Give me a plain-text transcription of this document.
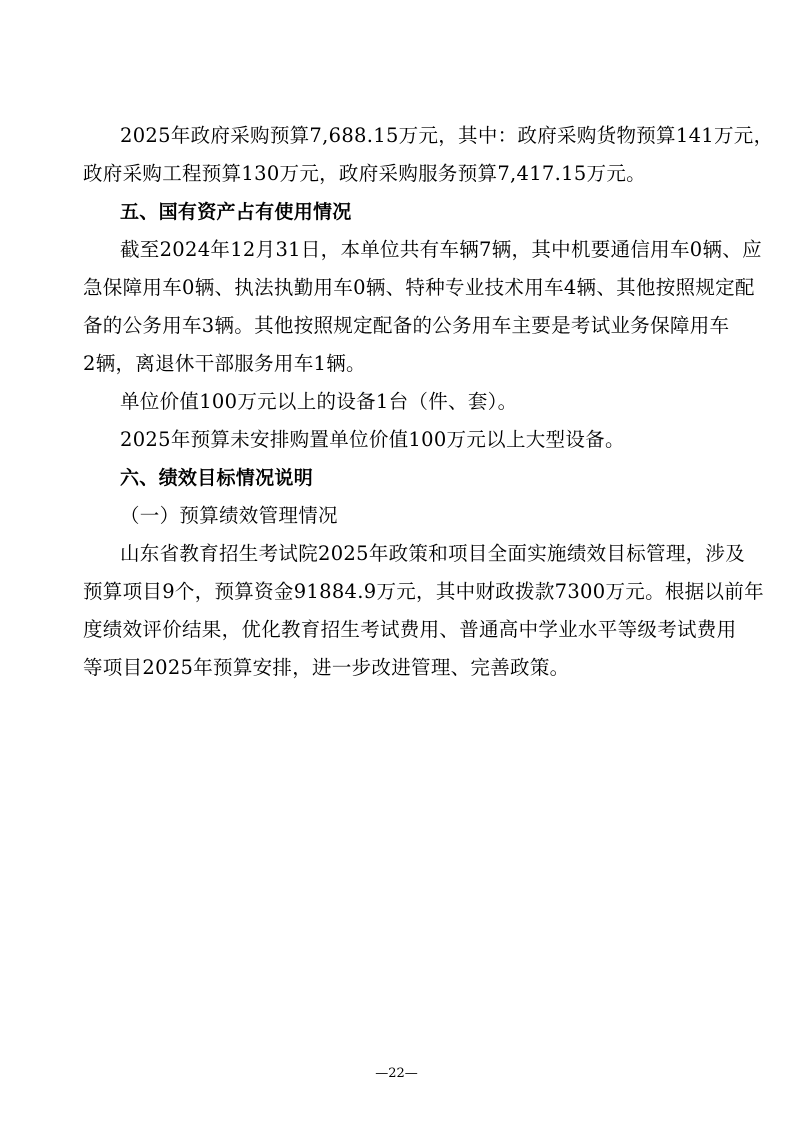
2025年政府采购预算7,688.15万元，其中：政府采购货物预算141万元，
政府采购工程预算130万元，政府采购服务预算7,417.15万元。
五、国有资产占有使用情况
截至2024年12月31日，本单位共有车辆7辆，其中机要通信用车0辆、应
急保障用车0辆、执法执勤用车0辆、特种专业技术用车4辆、其他按照规定配
备的公务用车3辆。其他按照规定配备的公务用车主要是考试业务保障用车
2辆，离退休干部服务用车1辆。
单位价值100万元以上的设备1台（件、套）。
2025年预算未安排购置单位价值100万元以上大型设备。
六、绩效目标情况说明
（一）预算绩效管理情况
山东省教育招生考试院2025年政策和项目全面实施绩效目标管理，涉及
预算项目9个，预算资金91884.9万元，其中财政拨款7300万元。根据以前年
度绩效评价结果，优化教育招生考试费用、普通高中学业水平等级考试费用
等项目2025年预算安排，进一步改进管理、完善政策。
—22—
